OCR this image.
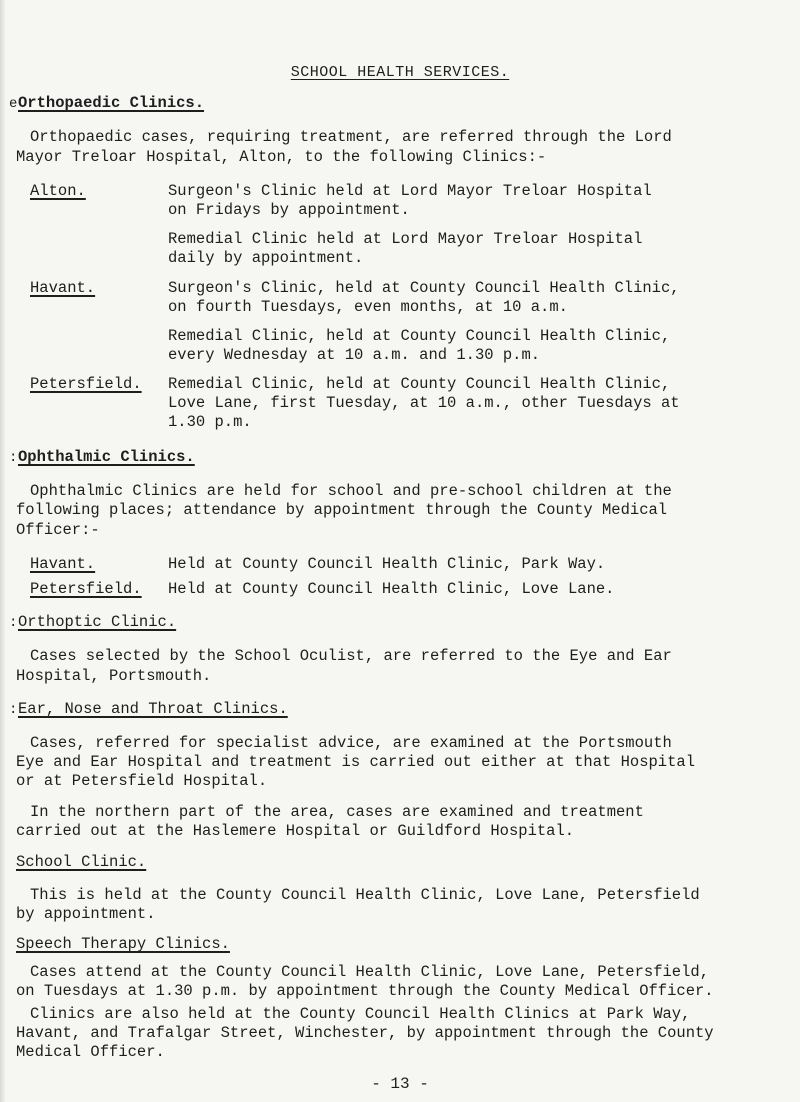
SCHOOL HEALTH SERVICES.
e Orthopaedic Clinics.
Orthopaedic cases, requiring treatment, are referred through the Lord
Mayor Treloar Hospital, Alton, to the following Clinics:-
Alton.	Surgeon's Clinic held at Lord Mayor Treloar Hospital
on Fridays by appointment.
Remedial Clinic held at Lord Mayor Treloar Hospital
daily by appointment.
Havant.	Surgeon's Clinic, held at County Council Health Clinic,
on fourth Tuesdays, even months, at 10 a.m.
Remedial Clinic, held at County Council Health Clinic,
every Wednesday at 10 a.m. and 1.30 p.m.
Petersfield. Remedial Clinic, held at County Council Health Clinic,
Love Lane, first Tuesday, at 10 a.m., other Tuesdays at
1.30 p.m.
: Ophthalmic Clinics.
Ophthalmic Clinics are held for school and pre-school children at the
following places; attendance by appointment through the County Medical
Officer:-
Havant.	Held at County Council Health Clinic, Park Way.
Petersfield. Held at County Council Health Clinic, Love Lane.
: Orthoptic Clinic.
Cases selected by the School Oculist, are referred to the Eye and Ear
Hospital, Portsmouth.
: Ear, Nose and Throat Clinics.
Cases, referred for specialist advice, are examined at the Portsmouth
Eye and Ear Hospital and treatment is carried out either at that Hospital
or at Petersfield Hospital.
In the northern part of the area, cases are examined and treatment
carried out at the Haslemere Hospital or Guildford Hospital.
School Clinic.
This is held at the County Council Health Clinic, Love Lane, Petersfield
by appointment.
Speech Therapy Clinics.
Cases attend at the County Council Health Clinic, Love Lane, Petersfield,
on Tuesdays at 1.30 p.m. by appointment through the County Medical Officer.
Clinics are also held at the County Council Health Clinics at Park Way,
Havant, and Trafalgar Street, Winchester, by appointment through the County
Medical Officer.
- 13 -
